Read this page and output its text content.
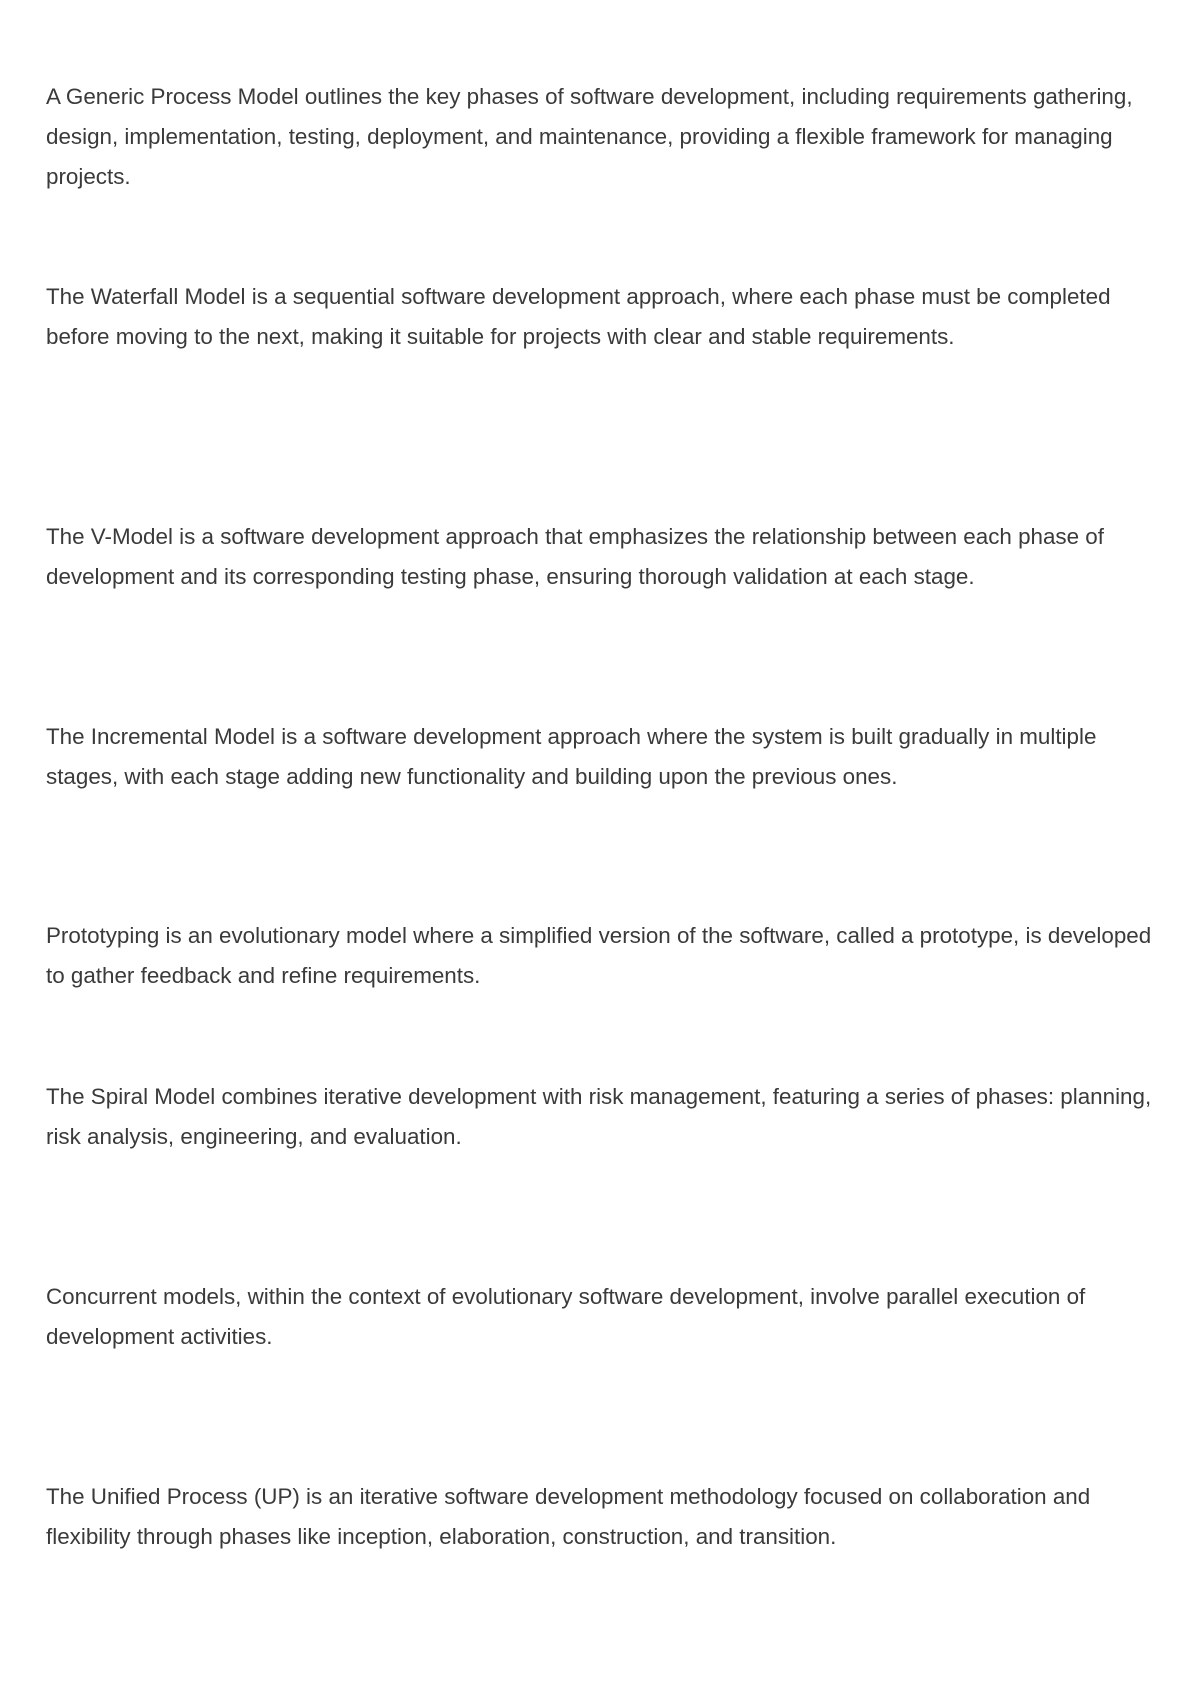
A Generic Process Model outlines the key phases of software development, including requirements gathering, design, implementation, testing, deployment, and maintenance, providing a flexible framework for managing projects.

The Waterfall Model is a sequential software development approach, where each phase must be completed before moving to the next, making it suitable for projects with clear and stable requirements.

The V-Model is a software development approach that emphasizes the relationship between each phase of development and its corresponding testing phase, ensuring thorough validation at each stage.

The Incremental Model is a software development approach where the system is built gradually in multiple stages, with each stage adding new functionality and building upon the previous ones.

Prototyping is an evolutionary model where a simplified version of the software, called a prototype, is developed to gather feedback and refine requirements.

The Spiral Model combines iterative development with risk management, featuring a series of phases: planning, risk analysis, engineering, and evaluation.

Concurrent models, within the context of evolutionary software development, involve parallel execution of development activities.

The Unified Process (UP) is an iterative software development methodology focused on collaboration and flexibility through phases like inception, elaboration, construction, and transition.
